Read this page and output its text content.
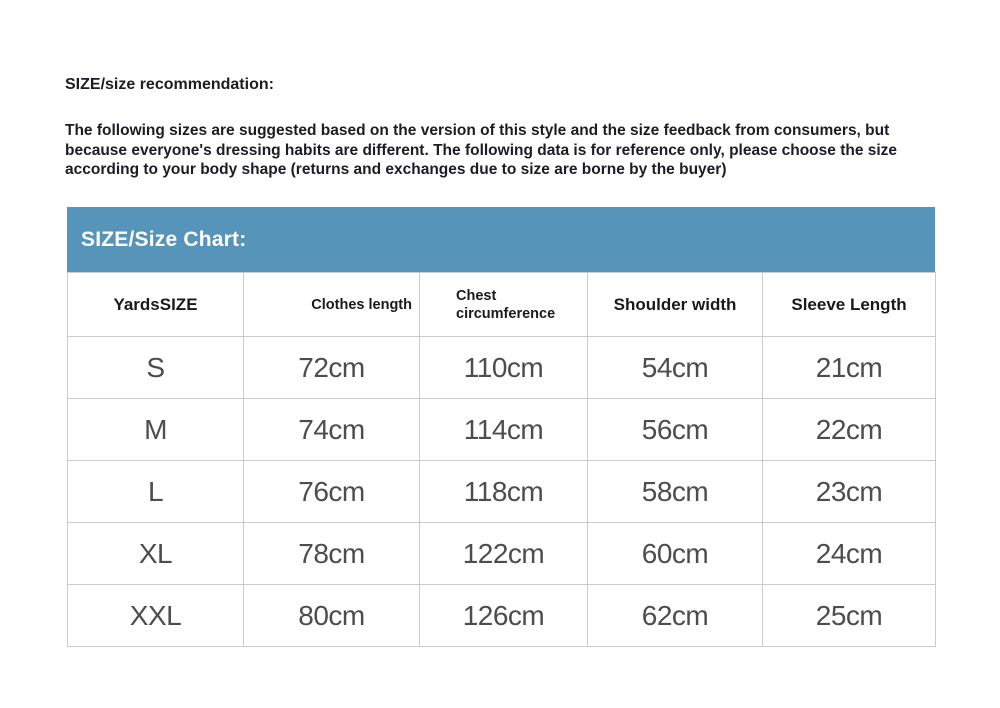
SIZE/size recommendation:
The following sizes are suggested based on the version of this style and the size feedback from consumers, but because everyone's dressing habits are different. The following data is for reference only, please choose the size according to your body shape (returns and exchanges due to size are borne by the buyer)
SIZE/Size Chart:
YardsSIZE	Clothes length	Chest circumference	Shoulder width	Sleeve Length
S	72cm	110cm	54cm	21cm
M	74cm	114cm	56cm	22cm
L	76cm	118cm	58cm	23cm
XL	78cm	122cm	60cm	24cm
XXL	80cm	126cm	62cm	25cm
